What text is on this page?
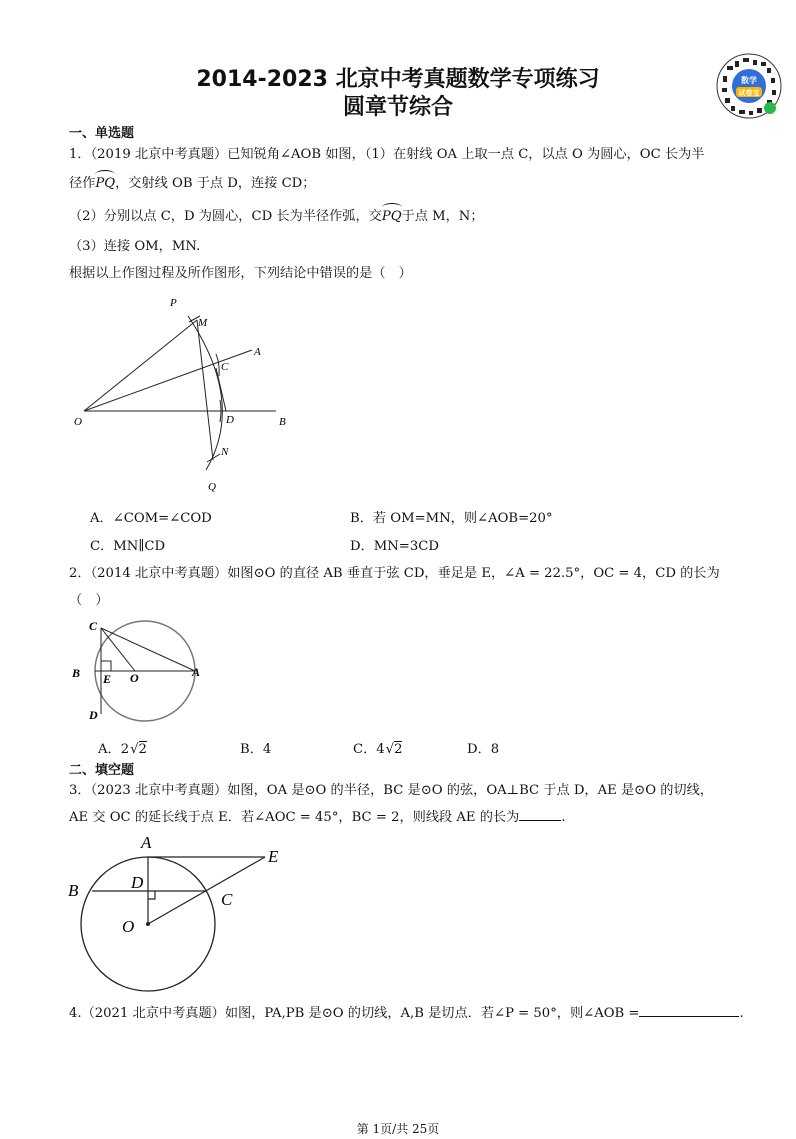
2014-2023 北京中考真题数学专项练习
圆章节综合
数学
试卷宝
一、单选题
1．（2019 北京中考真题）已知锐角∠AOB 如图，（1）在射线 OA 上取一点 C，以点 O 为圆心，OC 长为半
径作PQ，交射线 OB 于点 D，连接 CD；
（2）分别以点 C，D 为圆心，CD 长为半径作弧，交PQ于点 M，N；
（3）连接 OM，MN.
根据以上作图过程及所作图形，下列结论中错误的是（　）
P
M
A
C
O	D	B
N
Q
A．∠COM=∠COD	B．若 OM=MN，则∠AOB=20°
C．MN∥CD	D．MN=3CD
2．（2014 北京中考真题）如图⊙O 的直径 AB 垂直于弦 CD，垂足是 E，∠A = 22.5°，OC = 4，CD 的长为
（　）
C
B E O	A
D
A．2√2	B．4	C．4√2	D．8
二、填空题
3．（2023 北京中考真题）如图，OA 是⊙O 的半径，BC 是⊙O 的弦，OA⊥BC 于点 D，AE 是⊙O 的切线，
AE 交 OC 的延长线于点 E．若∠AOC = 45°，BC = 2，则线段 AE 的长为	.
A
E
B	D
C
O
4.（2021 北京中考真题）如图，PA,PB 是⊙O 的切线，A,B 是切点．若∠P = 50°，则∠AOB =	.
第 1页/共 25页
